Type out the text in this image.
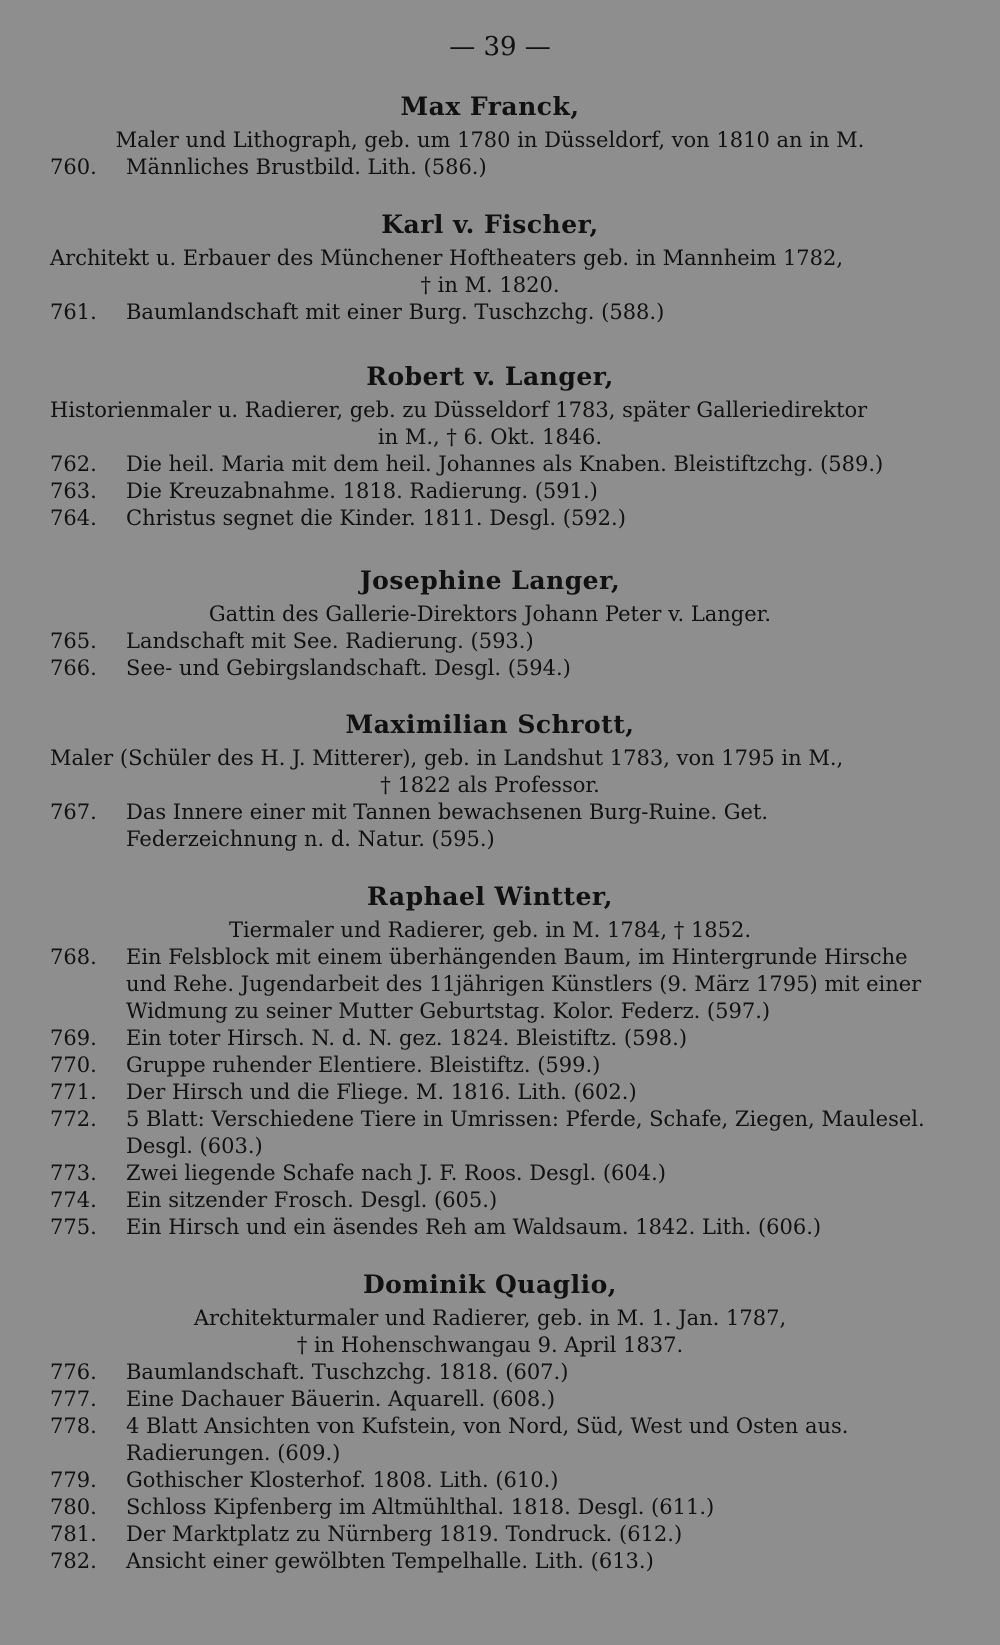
— 39 —
Max Franck,
Maler und Lithograph, geb. um 1780 in Düsseldorf, von 1810 an in M.
760.	Männliches Brustbild. Lith. (586.)
Karl v. Fischer,
Architekt u. Erbauer des Münchener Hoftheaters geb. in Mannheim 1782,
† in M. 1820.
761.	Baumlandschaft mit einer Burg. Tuschzchg. (588.)
Robert v. Langer,
Historienmaler u. Radierer, geb. zu Düsseldorf 1783, später Galleriedirektor
in M., † 6. Okt. 1846.
762.	Die heil. Maria mit dem heil. Johannes als Knaben. Bleistiftzchg. (589.)
763.	Die Kreuzabnahme. 1818. Radierung. (591.)
764.	Christus segnet die Kinder. 1811. Desgl. (592.)
Josephine Langer,
Gattin des Gallerie-Direktors Johann Peter v. Langer.
765.	Landschaft mit See. Radierung. (593.)
766.	See- und Gebirgslandschaft. Desgl. (594.)
Maximilian Schrott,
Maler (Schüler des H. J. Mitterer), geb. in Landshut 1783, von 1795 in M.,
† 1822 als Professor.
767.	Das Innere einer mit Tannen bewachsenen Burg-Ruine. Get. Federzeichnung n. d. Natur. (595.)
Raphael Wintter,
Tiermaler und Radierer, geb. in M. 1784, † 1852.
768.	Ein Felsblock mit einem überhängenden Baum, im Hintergrunde Hirsche und Rehe. Jugendarbeit des 11jährigen Künstlers (9. März 1795) mit einer Widmung zu seiner Mutter Geburtstag. Kolor. Federz. (597.)
769.	Ein toter Hirsch. N. d. N. gez. 1824. Bleistiftz. (598.)
770.	Gruppe ruhender Elentiere. Bleistiftz. (599.)
771.	Der Hirsch und die Fliege. M. 1816. Lith. (602.)
772.	5 Blatt: Verschiedene Tiere in Umrissen: Pferde, Schafe, Ziegen, Maulesel. Desgl. (603.)
773.	Zwei liegende Schafe nach J. F. Roos. Desgl. (604.)
774.	Ein sitzender Frosch. Desgl. (605.)
775.	Ein Hirsch und ein äsendes Reh am Waldsaum. 1842. Lith. (606.)
Dominik Quaglio,
Architekturmaler und Radierer, geb. in M. 1. Jan. 1787,
† in Hohenschwangau 9. April 1837.
776.	Baumlandschaft. Tuschzchg. 1818. (607.)
777.	Eine Dachauer Bäuerin. Aquarell. (608.)
778.	4 Blatt Ansichten von Kufstein, von Nord, Süd, West und Osten aus. Radierungen. (609.)
779.	Gothischer Klosterhof. 1808. Lith. (610.)
780.	Schloss Kipfenberg im Altmühlthal. 1818. Desgl. (611.)
781.	Der Marktplatz zu Nürnberg 1819. Tondruck. (612.)
782.	Ansicht einer gewölbten Tempelhalle. Lith. (613.)
